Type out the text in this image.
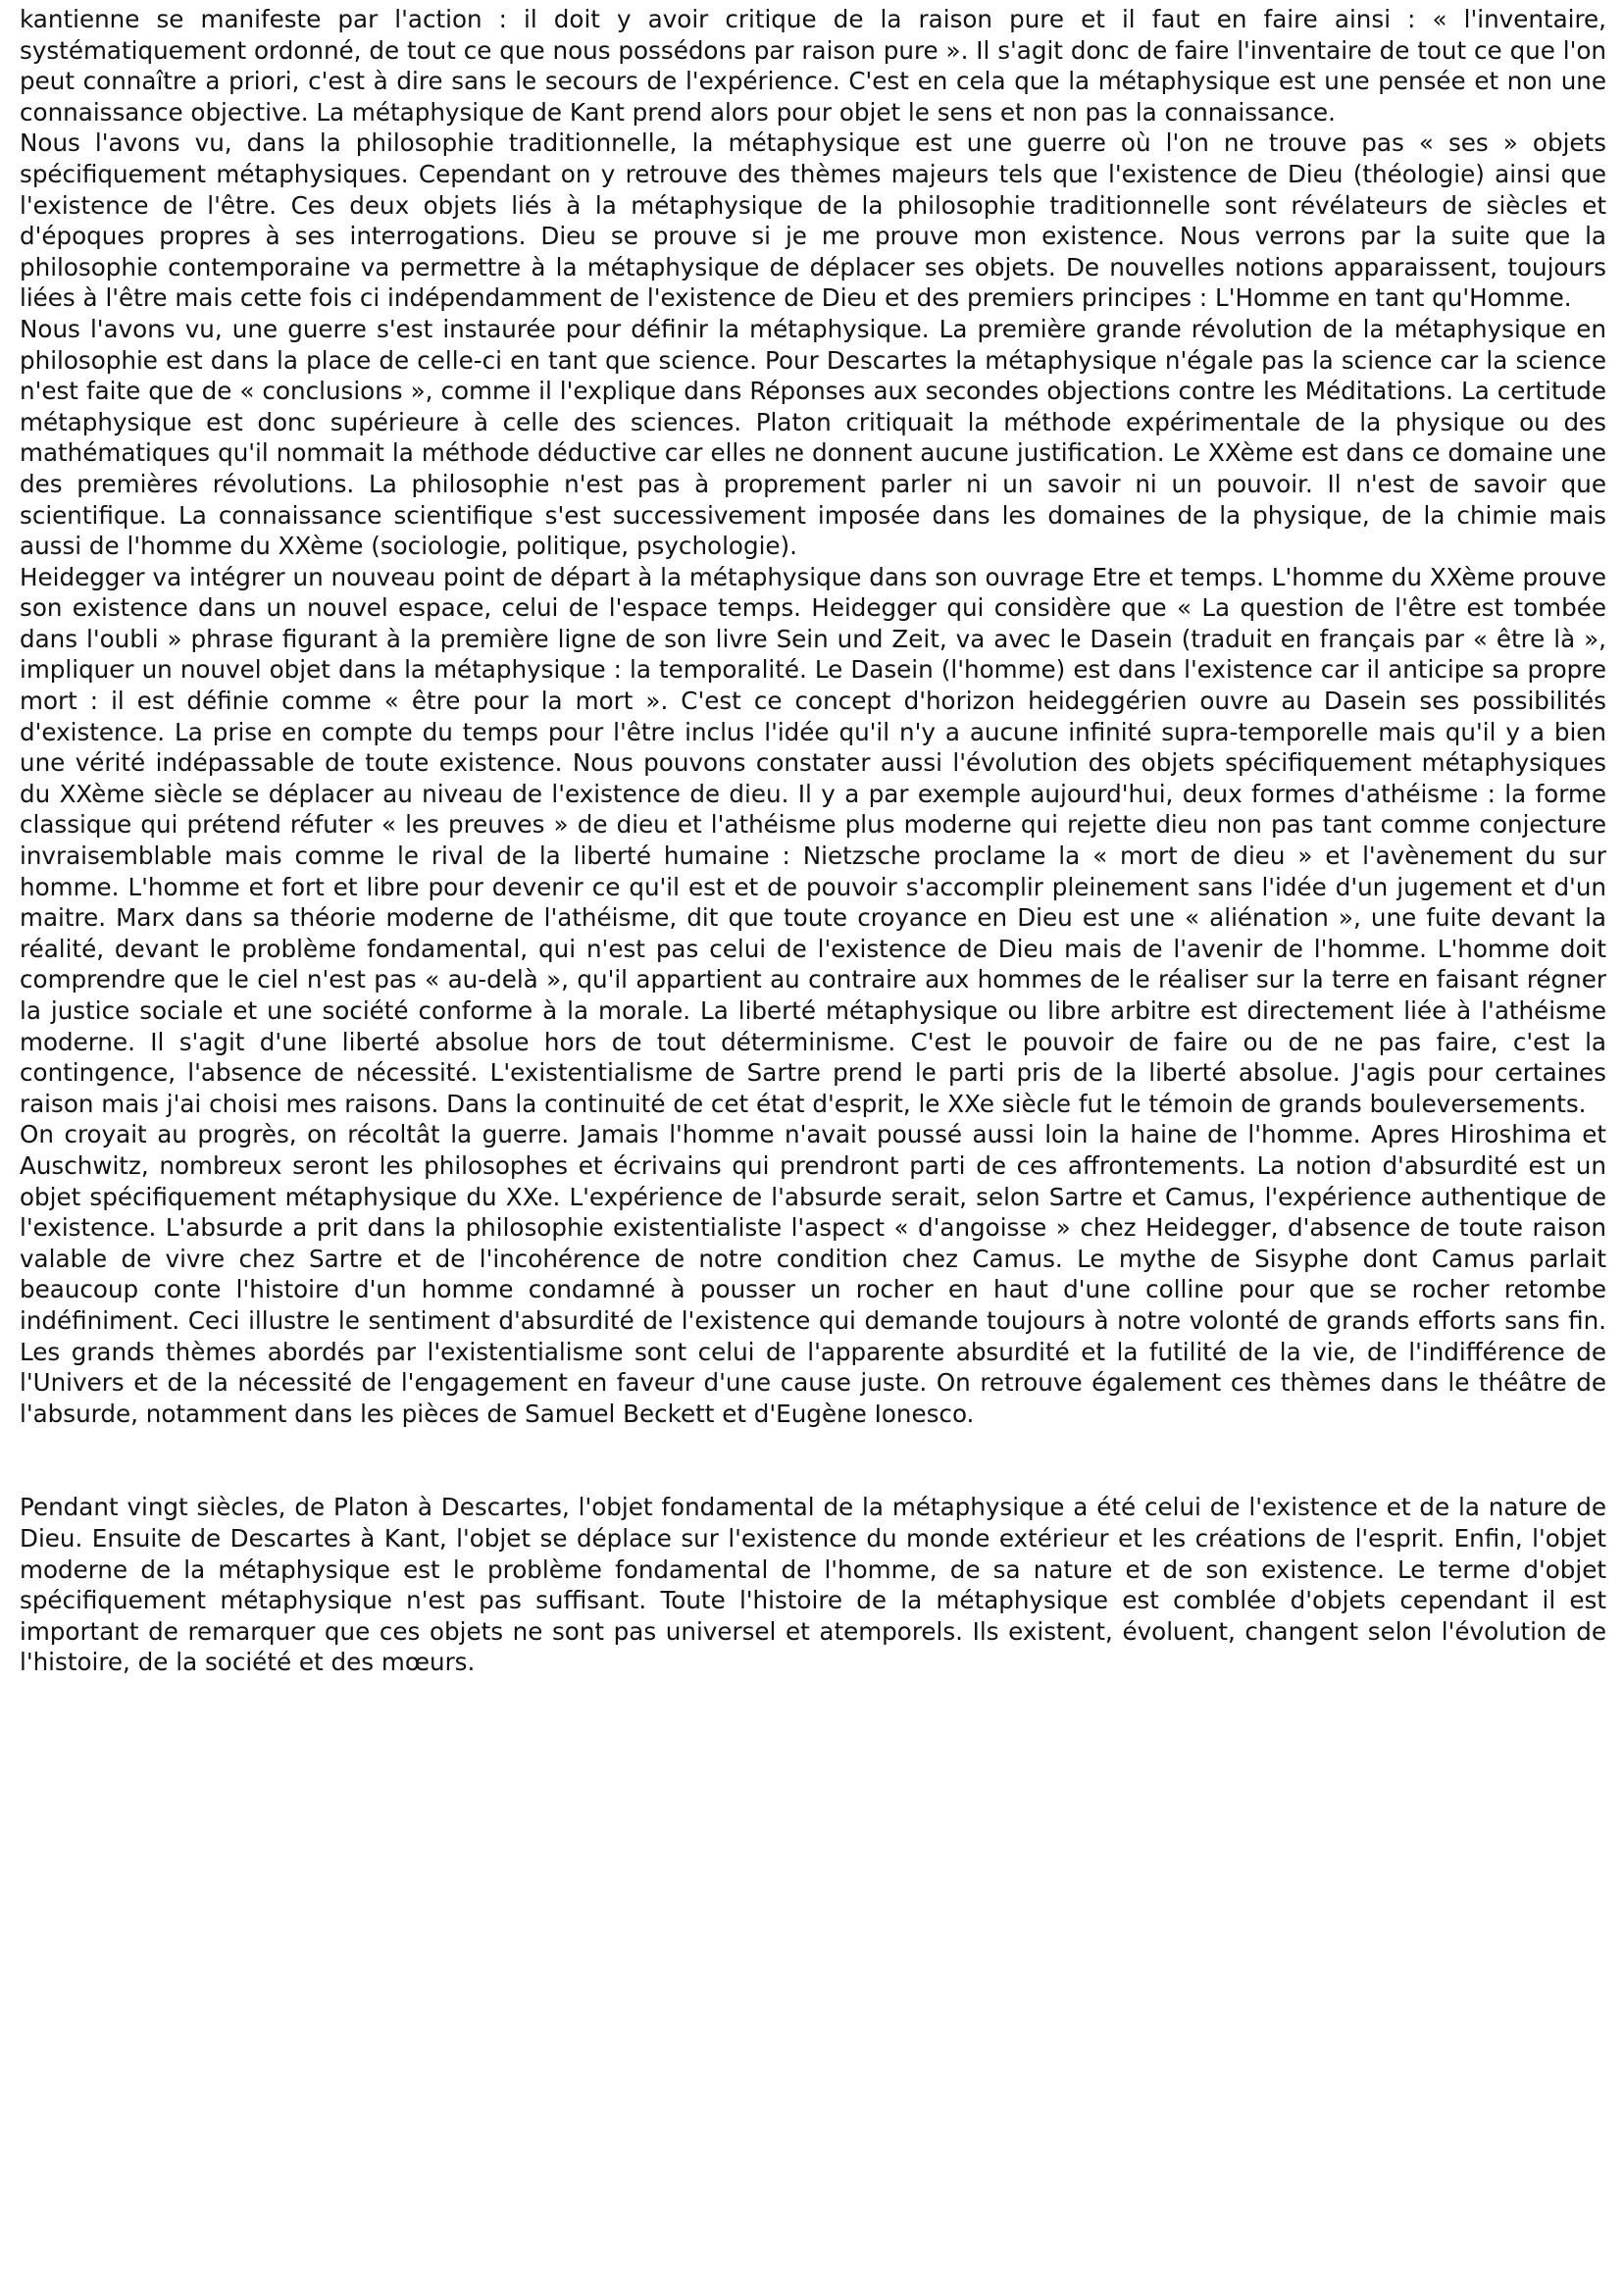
kantienne se manifeste par l'action : il doit y avoir critique de la raison pure et il faut en faire ainsi : « l'inventaire, systématiquement ordonné, de tout ce que nous possédons par raison pure ». Il s'agit donc de faire l'inventaire de tout ce que l'on peut connaître a priori, c'est à dire sans le secours de l'expérience. C'est en cela que la métaphysique est une pensée et non une connaissance objective. La métaphysique de Kant prend alors pour objet le sens et non pas la connaissance.

Nous l'avons vu, dans la philosophie traditionnelle, la métaphysique est une guerre où l'on ne trouve pas « ses » objets spécifiquement métaphysiques. Cependant on y retrouve des thèmes majeurs tels que l'existence de Dieu (théologie) ainsi que l'existence de l'être. Ces deux objets liés à la métaphysique de la philosophie traditionnelle sont révélateurs de siècles et d'époques propres à ses interrogations. Dieu se prouve si je me prouve mon existence. Nous verrons par la suite que la philosophie contemporaine va permettre à la métaphysique de déplacer ses objets. De nouvelles notions apparaissent, toujours liées à l'être mais cette fois ci indépendamment de l'existence de Dieu et des premiers principes : L'Homme en tant qu'Homme.

Nous l'avons vu, une guerre s'est instaurée pour définir la métaphysique. La première grande révolution de la métaphysique en philosophie est dans la place de celle-ci en tant que science. Pour Descartes la métaphysique n'égale pas la science car la science n'est faite que de « conclusions », comme il l'explique dans Réponses aux secondes objections contre les Méditations. La certitude métaphysique est donc supérieure à celle des sciences. Platon critiquait la méthode expérimentale de la physique ou des mathématiques qu'il nommait la méthode déductive car elles ne donnent aucune justification. Le XXème est dans ce domaine une des premières révolutions. La philosophie n'est pas à proprement parler ni un savoir ni un pouvoir. Il n'est de savoir que scientifique. La connaissance scientifique s'est successivement imposée dans les domaines de la physique, de la chimie mais aussi de l'homme du XXème (sociologie, politique, psychologie).

Heidegger va intégrer un nouveau point de départ à la métaphysique dans son ouvrage Etre et temps. L'homme du XXème prouve son existence dans un nouvel espace, celui de l'espace temps. Heidegger qui considère que « La question de l'être est tombée dans l'oubli » phrase figurant à la première ligne de son livre Sein und Zeit, va avec le Dasein (traduit en français par « être là », impliquer un nouvel objet dans la métaphysique : la temporalité. Le Dasein (l'homme) est dans l'existence car il anticipe sa propre mort : il est définie comme « être pour la mort ». C'est ce concept d'horizon heideggérien ouvre au Dasein ses possibilités d'existence. La prise en compte du temps pour l'être inclus l'idée qu'il n'y a aucune infinité supra-temporelle mais qu'il y a bien une vérité indépassable de toute existence. Nous pouvons constater aussi l'évolution des objets spécifiquement métaphysiques du XXème siècle se déplacer au niveau de l'existence de dieu. Il y a par exemple aujourd'hui, deux formes d'athéisme : la forme classique qui prétend réfuter « les preuves » de dieu et l'athéisme plus moderne qui rejette dieu non pas tant comme conjecture invraisemblable mais comme le rival de la liberté humaine : Nietzsche proclame la « mort de dieu » et l'avènement du sur homme. L'homme et fort et libre pour devenir ce qu'il est et de pouvoir s'accomplir pleinement sans l'idée d'un jugement et d'un maitre. Marx dans sa théorie moderne de l'athéisme, dit que toute croyance en Dieu est une « aliénation », une fuite devant la réalité, devant le problème fondamental, qui n'est pas celui de l'existence de Dieu mais de l'avenir de l'homme. L'homme doit comprendre que le ciel n'est pas « au-delà », qu'il appartient au contraire aux hommes de le réaliser sur la terre en faisant régner la justice sociale et une société conforme à la morale. La liberté métaphysique ou libre arbitre est directement liée à l'athéisme moderne. Il s'agit d'une liberté absolue hors de tout déterminisme. C'est le pouvoir de faire ou de ne pas faire, c'est la contingence, l'absence de nécessité. L'existentialisme de Sartre prend le parti pris de la liberté absolue. J'agis pour certaines raison mais j'ai choisi mes raisons. Dans la continuité de cet état d'esprit, le XXe siècle fut le témoin de grands bouleversements.

On croyait au progrès, on récoltât la guerre. Jamais l'homme n'avait poussé aussi loin la haine de l'homme. Apres Hiroshima et Auschwitz, nombreux seront les philosophes et écrivains qui prendront parti de ces affrontements. La notion d'absurdité est un objet spécifiquement métaphysique du XXe. L'expérience de l'absurde serait, selon Sartre et Camus, l'expérience authentique de l'existence. L'absurde a prit dans la philosophie existentialiste l'aspect « d'angoisse » chez Heidegger, d'absence de toute raison valable de vivre chez Sartre et de l'incohérence de notre condition chez Camus. Le mythe de Sisyphe dont Camus parlait beaucoup conte l'histoire d'un homme condamné à pousser un rocher en haut d'une colline pour que se rocher retombe indéfiniment. Ceci illustre le sentiment d'absurdité de l'existence qui demande toujours à notre volonté de grands efforts sans fin. Les grands thèmes abordés par l'existentialisme sont celui de l'apparente absurdité et la futilité de la vie, de l'indifférence de l'Univers et de la nécessité de l'engagement en faveur d'une cause juste. On retrouve également ces thèmes dans le théâtre de l'absurde, notamment dans les pièces de Samuel Beckett et d'Eugène Ionesco.

Pendant vingt siècles, de Platon à Descartes, l'objet fondamental de la métaphysique a été celui de l'existence et de la nature de Dieu. Ensuite de Descartes à Kant, l'objet se déplace sur l'existence du monde extérieur et les créations de l'esprit. Enfin, l'objet moderne de la métaphysique est le problème fondamental de l'homme, de sa nature et de son existence. Le terme d'objet spécifiquement métaphysique n'est pas suffisant. Toute l'histoire de la métaphysique est comblée d'objets cependant il est important de remarquer que ces objets ne sont pas universel et atemporels. Ils existent, évoluent, changent selon l'évolution de l'histoire, de la société et des mœurs.
